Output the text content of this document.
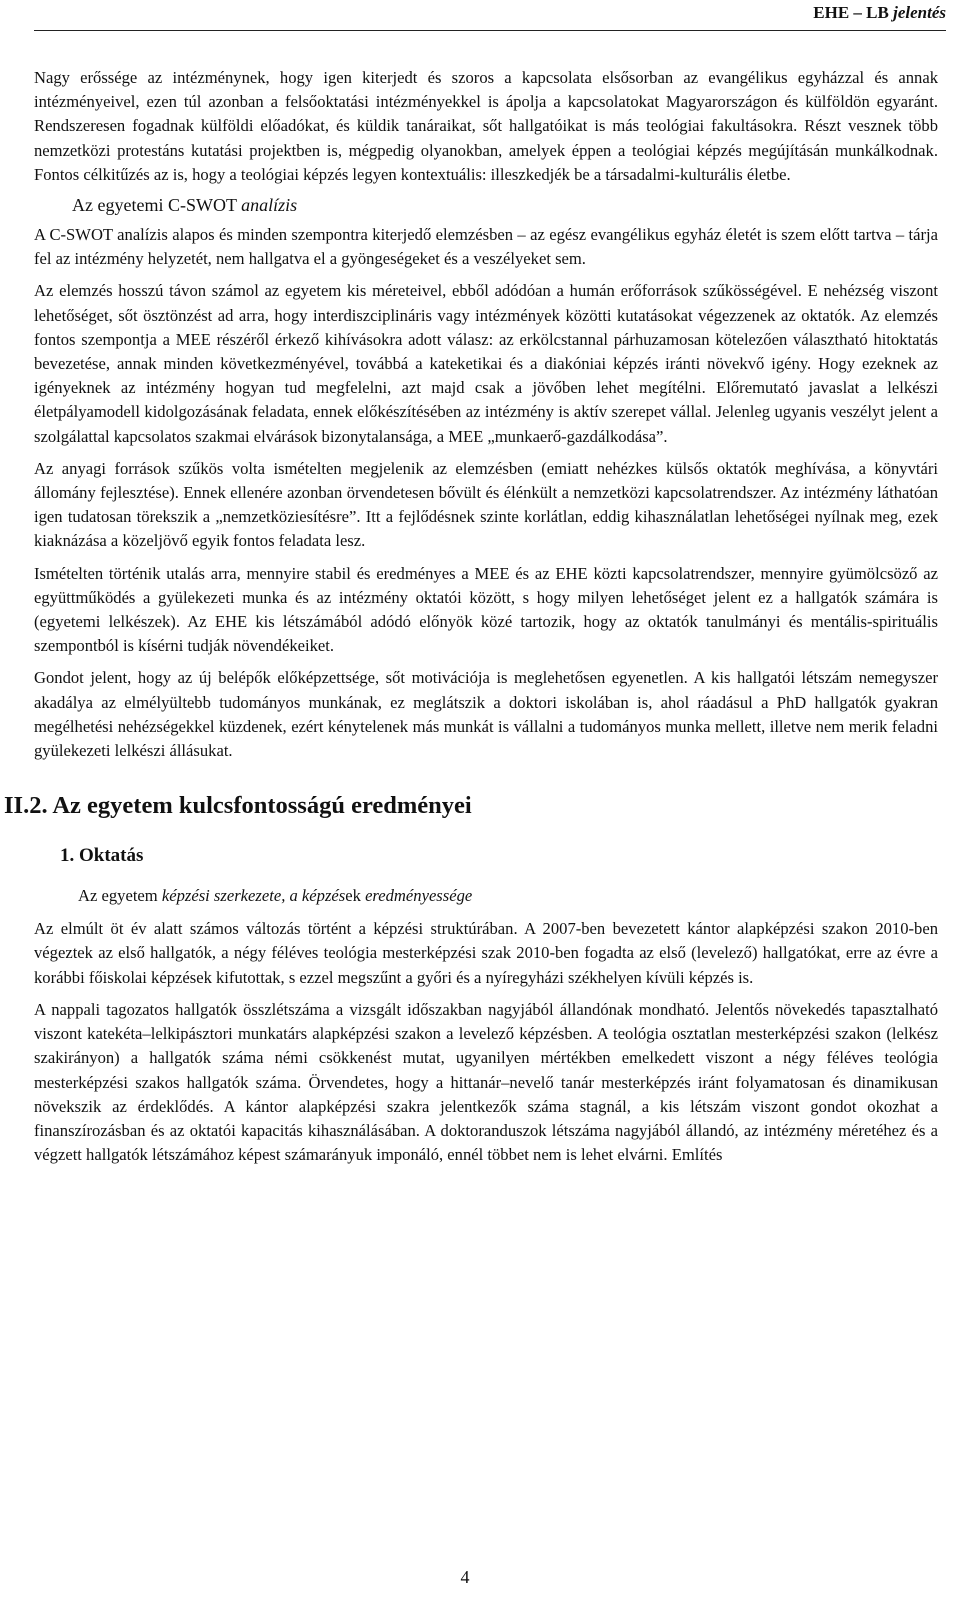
EHE – LB jelentés

Nagy erőssége az intézménynek, hogy igen kiterjedt és szoros a kapcsolata elsősorban az evangélikus egyházzal és annak intézményeivel, ezen túl azonban a felsőoktatási intézményekkel is ápolja a kapcsolatokat Magyarországon és külföldön egyaránt. Rendszeresen fogadnak külföldi előadókat, és küldik tanáraikat, sőt hallgatóikat is más teológiai fakultásokra. Részt vesznek több nemzetközi protestáns kutatási projektben is, mégpedig olyanokban, amelyek éppen a teológiai képzés megújításán munkálkodnak. Fontos célkitűzés az is, hogy a teológiai képzés legyen kontextuális: illeszkedjék be a társadalmi-kulturális életbe.

Az egyetemi C-SWOT analízis

A C-SWOT analízis alapos és minden szempontra kiterjedő elemzésben – az egész evangélikus egyház életét is szem előtt tartva – tárja fel az intézmény helyzetét, nem hallgatva el a gyöngeségeket és a veszélyeket sem.

Az elemzés hosszú távon számol az egyetem kis méreteivel, ebből adódóan a humán erőforrások szűkösségével. E nehézség viszont lehetőséget, sőt ösztönzést ad arra, hogy interdiszciplináris vagy intézmények közötti kutatásokat végezzenek az oktatók. Az elemzés fontos szempontja a MEE részéről érkező kihívásokra adott válasz: az erkölcstannal párhuzamosan kötelezően választható hitoktatás bevezetése, annak minden következményével, továbbá a kateketikai és a diakóniai képzés iránti növekvő igény. Hogy ezeknek az igényeknek az intézmény hogyan tud megfelelni, azt majd csak a jövőben lehet megítélni. Előremutató javaslat a lelkészi életpályamodell kidolgozásának feladata, ennek előkészítésében az intézmény is aktív szerepet vállal. Jelenleg ugyanis veszélyt jelent a szolgálattal kapcsolatos szakmai elvárások bizonytalansága, a MEE „munkaerő-gazdálkodása”.

Az anyagi források szűkös volta ismételten megjelenik az elemzésben (emiatt nehézkes külsős oktatók meghívása, a könyvtári állomány fejlesztése). Ennek ellenére azonban örvendetesen bővült és élénkült a nemzetközi kapcsolatrendszer. Az intézmény láthatóan igen tudatosan törekszik a „nemzetköziesítésre”. Itt a fejlődésnek szinte korlátlan, eddig kihasználatlan lehetőségei nyílnak meg, ezek kiaknázása a közeljövő egyik fontos feladata lesz.

Ismételten történik utalás arra, mennyire stabil és eredményes a MEE és az EHE közti kapcsolatrendszer, mennyire gyümölcsöző az együttműködés a gyülekezeti munka és az intézmény oktatói között, s hogy milyen lehetőséget jelent ez a hallgatók számára is (egyetemi lelkészek). Az EHE kis létszámából adódó előnyök közé tartozik, hogy az oktatók tanulmányi és mentális-spirituális szempontból is kísérni tudják növendékeiket.

Gondot jelent, hogy az új belépők előképzettsége, sőt motivációja is meglehetősen egyenetlen. A kis hallgatói létszám nemegyszer akadálya az elmélyültebb tudományos munkának, ez meglátszik a doktori iskolában is, ahol ráadásul a PhD hallgatók gyakran megélhetési nehézségekkel küzdenek, ezért kénytelenek más munkát is vállalni a tudományos munka mellett, illetve nem merik feladni gyülekezeti lelkészi állásukat.

II.2. Az egyetem kulcsfontosságú eredményei
1. Oktatás
Az egyetem képzési szerkezete, a képzések eredményessége

Az elmúlt öt év alatt számos változás történt a képzési struktúrában. A 2007-ben bevezetett kántor alapképzési szakon 2010-ben végeztek az első hallgatók, a négy féléves teológia mesterképzési szak 2010-ben fogadta az első (levelező) hallgatókat, erre az évre a korábbi főiskolai képzések kifutottak, s ezzel megszűnt a győri és a nyíregyházi székhelyen kívüli képzés is.

A nappali tagozatos hallgatók összlétszáma a vizsgált időszakban nagyjából állandónak mondható. Jelentős növekedés tapasztalható viszont katekéta–lelkipásztori munkatárs alapképzési szakon a levelező képzésben. A teológia osztatlan mesterképzési szakon (lelkész szakirányon) a hallgatók száma némi csökkenést mutat, ugyanilyen mértékben emelkedett viszont a négy féléves teológia mesterképzési szakos hallgatók száma. Örvendetes, hogy a hittanár–nevelő tanár mesterképzés iránt folyamatosan és dinamikusan növekszik az érdeklődés. A kántor alapképzési szakra jelentkezők száma stagnál, a kis létszám viszont gondot okozhat a finanszírozásban és az oktatói kapacitás kihasználásában. A doktoranduszok létszáma nagyjából állandó, az intézmény méretéhez és a végzett hallgatók létszámához képest számarányuk imponáló, ennél többet nem is lehet elvárni. Említés

4
